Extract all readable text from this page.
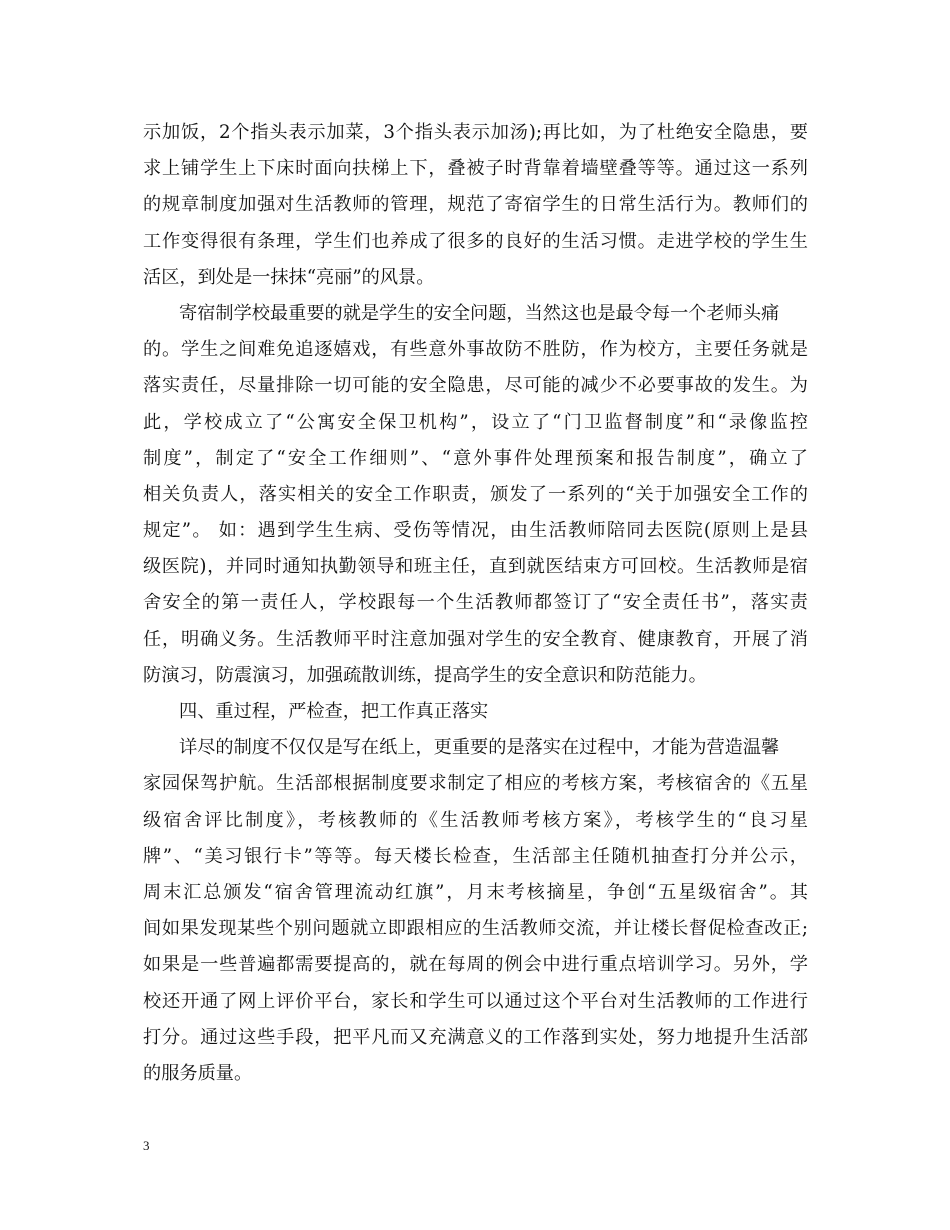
示加饭，2个指头表示加菜，3个指头表示加汤);再比如，为了杜绝安全隐患，要
求上铺学生上下床时面向扶梯上下，叠被子时背靠着墙壁叠等等。通过这一系列
的规章制度加强对生活教师的管理，规范了寄宿学生的日常生活行为。教师们的
工作变得很有条理，学生们也养成了很多的良好的生活习惯。走进学校的学生生
活区，到处是一抹抹“亮丽”的风景。
寄宿制学校最重要的就是学生的安全问题，当然这也是最令每一个老师头痛
的。学生之间难免追逐嬉戏，有些意外事故防不胜防，作为校方，主要任务就是
落实责任，尽量排除一切可能的安全隐患，尽可能的减少不必要事故的发生。为
此，学校成立了“公寓安全保卫机构”，设立了“门卫监督制度”和“录像监控
制度”，制定了“安全工作细则”、“意外事件处理预案和报告制度”，确立了
相关负责人，落实相关的安全工作职责，颁发了一系列的“关于加强安全工作的
规定”。 如：遇到学生生病、受伤等情况，由生活教师陪同去医院(原则上是县
级医院)，并同时通知执勤领导和班主任，直到就医结束方可回校。生活教师是宿
舍安全的第一责任人，学校跟每一个生活教师都签订了“安全责任书”，落实责
任，明确义务。生活教师平时注意加强对学生的安全教育、健康教育，开展了消
防演习，防震演习，加强疏散训练，提高学生的安全意识和防范能力。
四、重过程，严检查，把工作真正落实
详尽的制度不仅仅是写在纸上，更重要的是落实在过程中，才能为营造温馨
家园保驾护航。生活部根据制度要求制定了相应的考核方案，考核宿舍的《五星
级宿舍评比制度》，考核教师的《生活教师考核方案》，考核学生的“良习星
牌”、“美习银行卡”等等。每天楼长检查，生活部主任随机抽查打分并公示，
周末汇总颁发“宿舍管理流动红旗”，月末考核摘星，争创“五星级宿舍”。其
间如果发现某些个别问题就立即跟相应的生活教师交流，并让楼长督促检查改正;
如果是一些普遍都需要提高的，就在每周的例会中进行重点培训学习。另外，学
校还开通了网上评价平台，家长和学生可以通过这个平台对生活教师的工作进行
打分。通过这些手段，把平凡而又充满意义的工作落到实处，努力地提升生活部
的服务质量。
3
